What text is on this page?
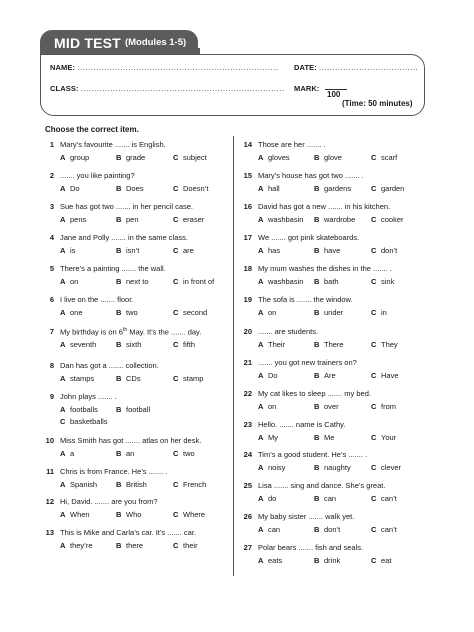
MID TEST (Modules 1-5)
NAME: ........................................................................... DATE: .....................................
CLASS: ............................................................................ MARK:
100
(Time: 50 minutes)
Choose the correct item.
1 Mary’s favourite ....... is English.
A group	B grade	C subject
2 ....... you like painting?
A Do	B Does	C Doesn’t
3 Sue has got two ....... in her pencil case.
A pens	B pen	C eraser
4 Jane and Polly ....... in the same class.
A is	B isn’t	C are
5 There’s a painting ....... the wall.
A on	B next to	C in front of
6 I live on the ....... floor.
A one	B two	C second
7 My birthday is on 6th May. It’s the ....... day.
A seventh	B sixth	C fifth
8 Dan has got a ....... collection.
A stamps	B CDs	C stamp
9 John plays ....... .
A footballs B football
C basketballs
10 Miss Smith has got ....... atlas on her desk.
A a	B an	C two
11 Chris is from France. He’s ....... .
A Spanish	B British	C French
12 Hi, David. ....... are you from?
A When	B Who	C Where
13 This is Mike and Carla’s car. It’s ....... car.
A they’re	B there	C their
14 Those are her ....... .
A gloves	B glove	C scarf
15 Mary’s house has got two ....... .
A hall	B gardens	C garden
16 David has got a new ....... in his kitchen.
A washbasin B wardrobe C cooker
17 We ....... got pink skateboards.
A has	B have	C don’t
18 My mum washes the dishes in the ....... .
A washbasin B bath	C sink
19 The sofa is ....... the window.
A on	B under	C in
20 ....... are students.
A Their	B There	C They
21 ....... you got new trainers on?
A Do	B Are	C Have
22 My cat likes to sleep ....... my bed.
A on	B over	C from
23 Hello. ....... name is Cathy.
A My	B Me	C Your
24 Tim’s a good student. He’s ....... .
A noisy	B naughty	C clever
25 Lisa ....... sing and dance. She’s great.
A do	B can	C can’t
26 My baby sister ....... walk yet.
A can	B don’t	C can’t
27 Polar bears ....... fish and seals.
A eats	B drink	C eat
